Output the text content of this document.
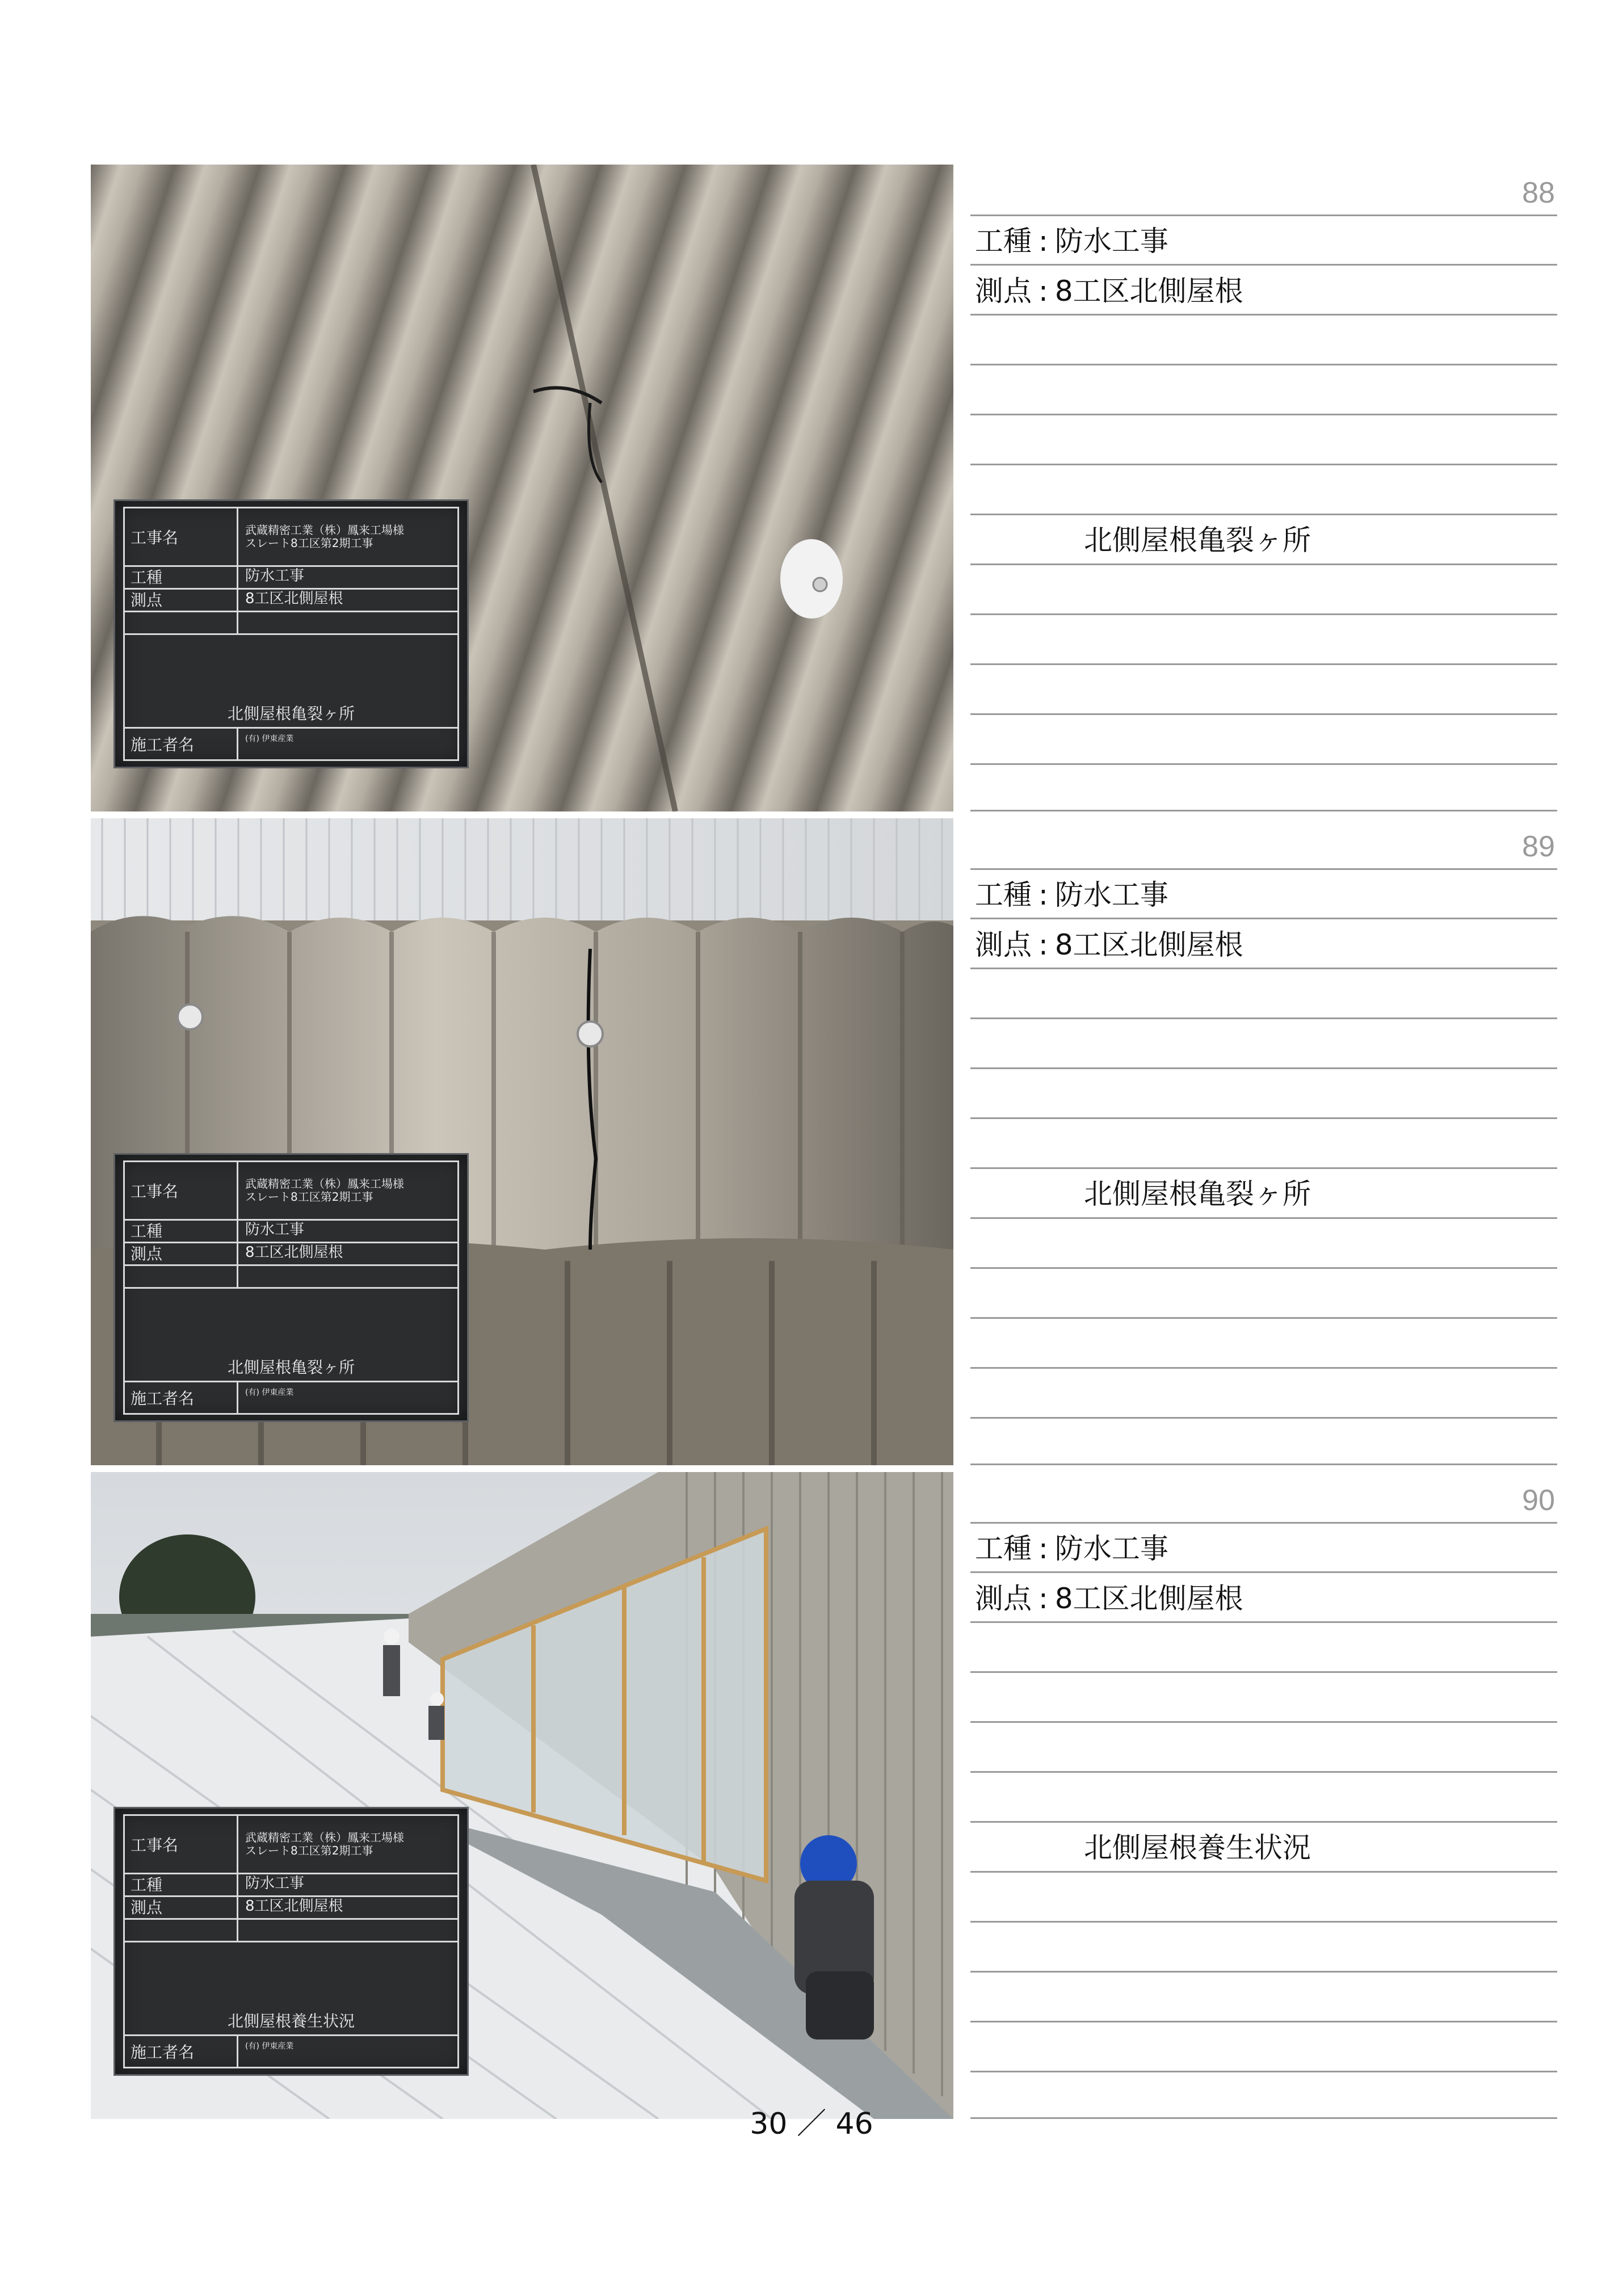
工事名	武蔵精密工業（株）鳳来工場様
スレート8工区第2期工事
工種	防水工事
測点	8工区北側屋根
北側屋根亀裂ヶ所
施工者名	(有) 伊東産業
88
工種 : 防水工事
測点 : 8工区北側屋根
北側屋根亀裂ヶ所
工事名	武蔵精密工業（株）鳳来工場様
スレート8工区第2期工事
工種	防水工事
測点	8工区北側屋根
北側屋根亀裂ヶ所
施工者名	(有) 伊東産業
89
工種 : 防水工事
測点 : 8工区北側屋根
北側屋根亀裂ヶ所
工事名	武蔵精密工業（株）鳳来工場様
スレート8工区第2期工事
工種	防水工事
測点	8工区北側屋根
北側屋根養生状況
施工者名	(有) 伊東産業
90
工種 : 防水工事
測点 : 8工区北側屋根
北側屋根養生状況
30 ／ 46
